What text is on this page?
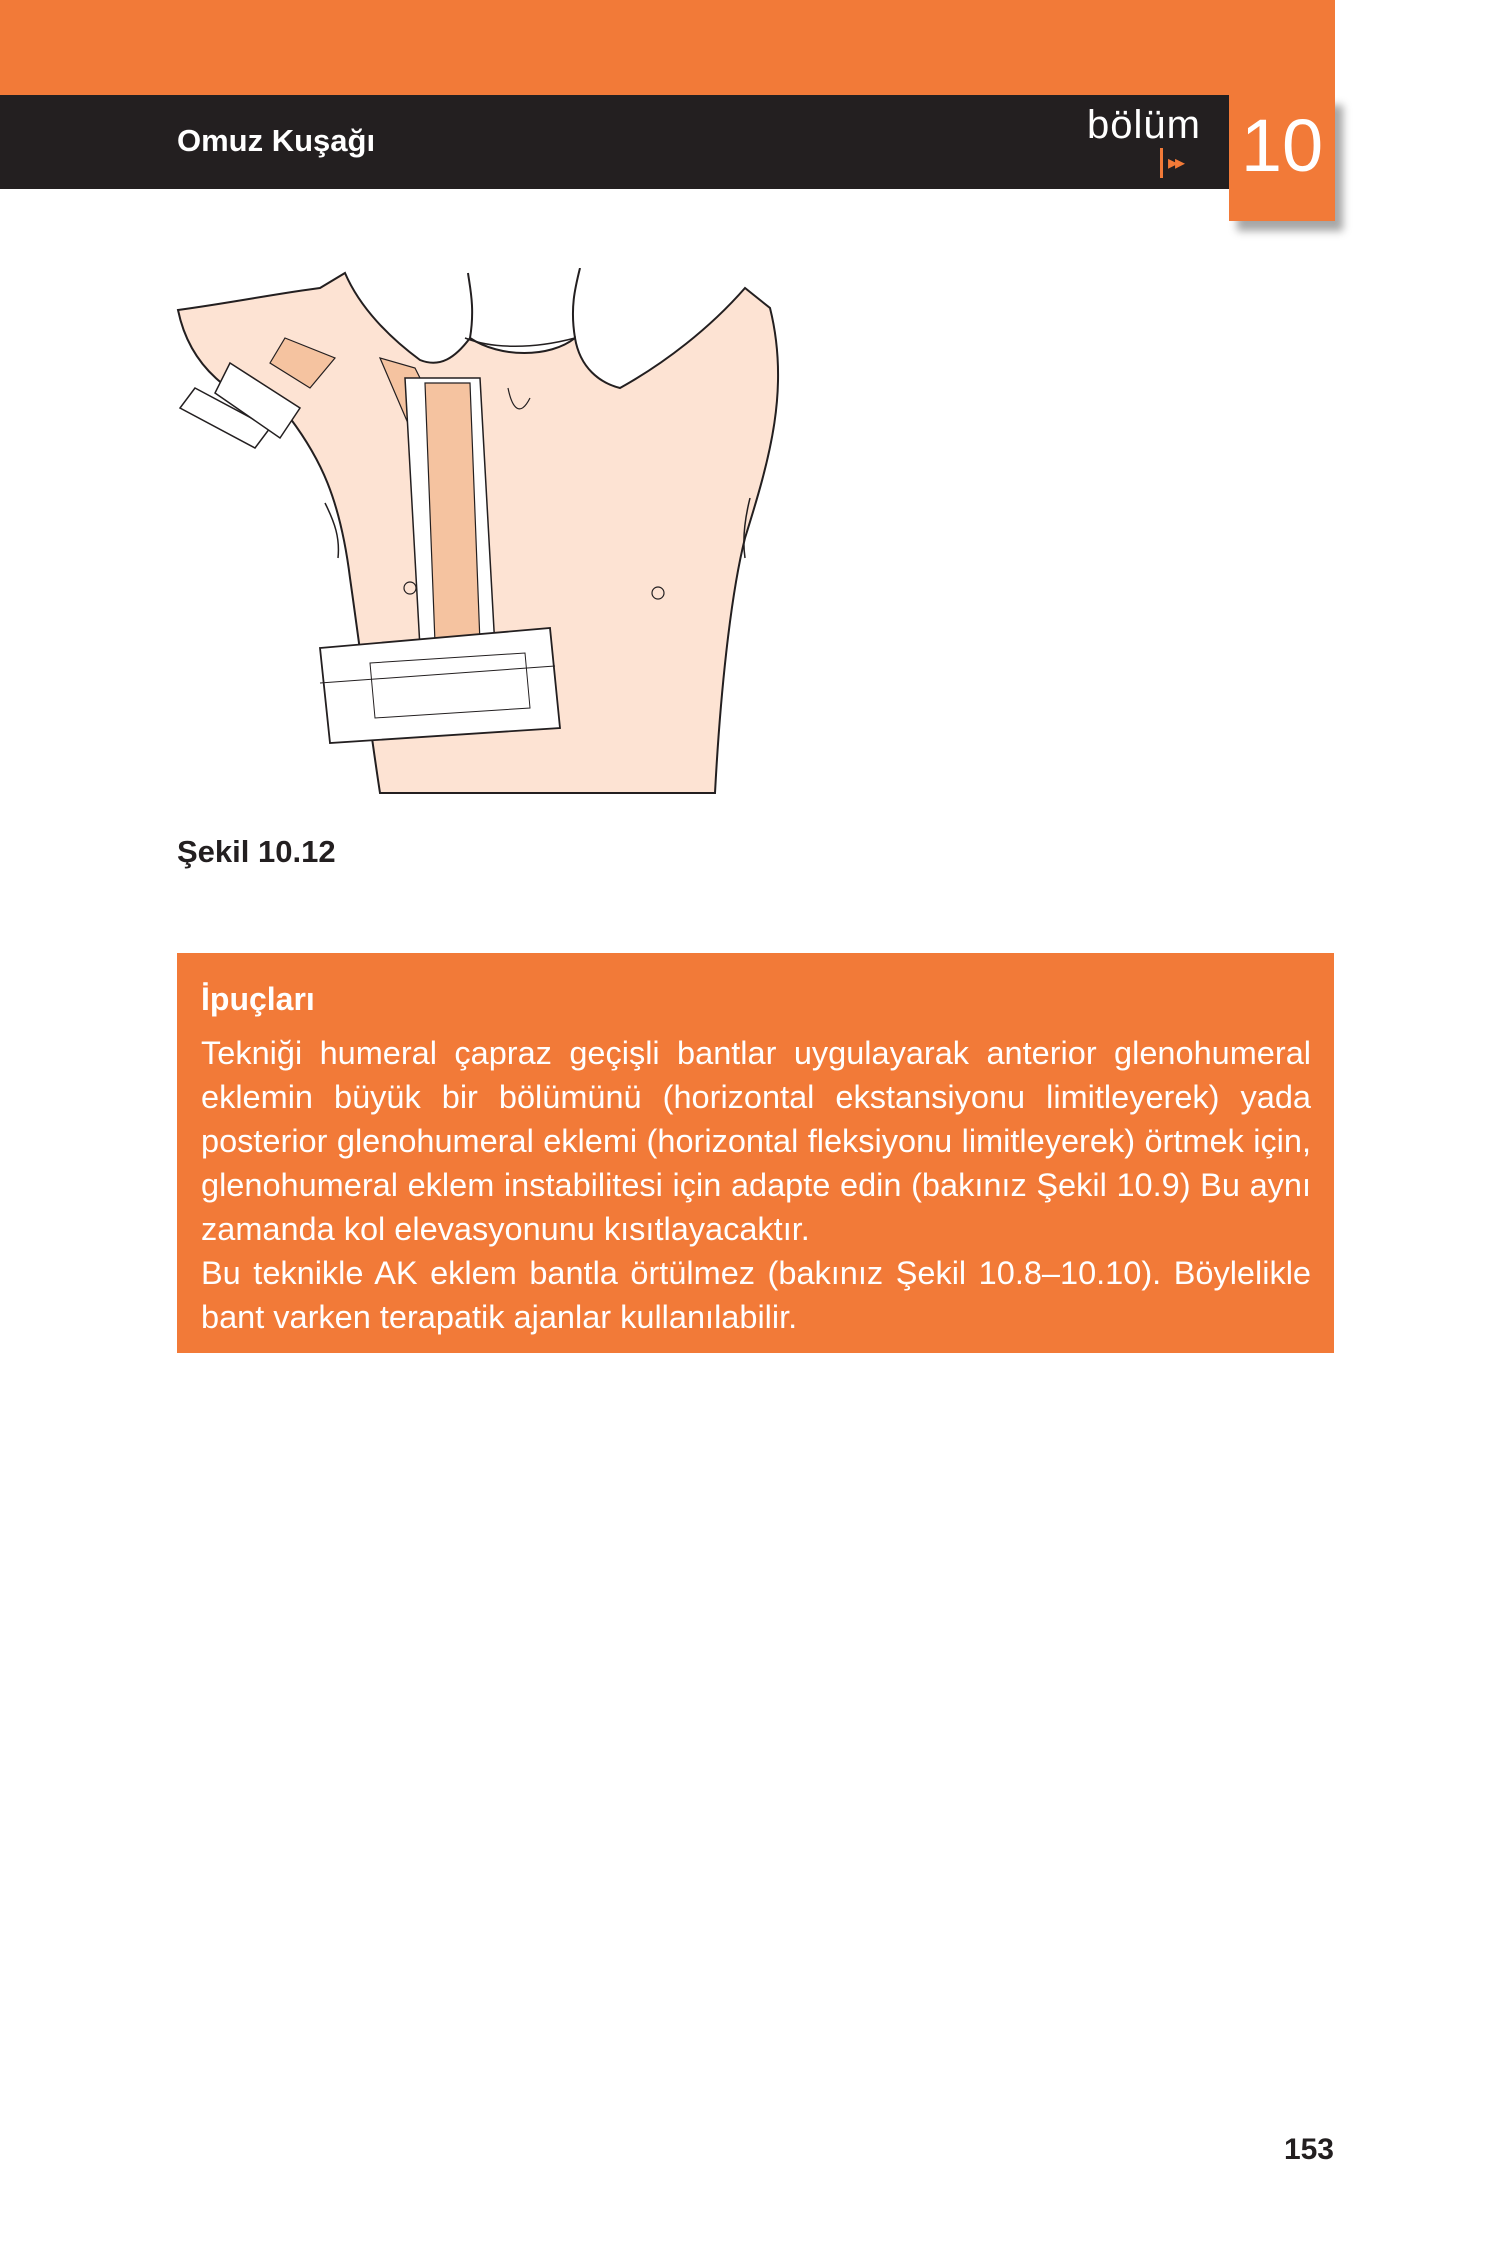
Omuz Kuşağı	bölüm
▸▸ 10
Şekil 10.12
İpuçları

Tekniği humeral çapraz geçişli bantlar uygulayarak anterior glenohumeral eklemin büyük bir bölümünü (horizontal ekstansiyonu limitleyerek) yada posterior glenohumeral eklemi (horizontal fleksiyonu limitleyerek) örtmek için, glenohumeral eklem instabilitesi için adapte edin (bakınız Şekil 10.9) Bu aynı zamanda kol elevasyonunu kısıtlayacaktır.

Bu teknikle AK eklem bantla örtülmez (bakınız Şekil 10.8–10.10). Böylelikle bant varken terapatik ajanlar kullanılabilir.

153
